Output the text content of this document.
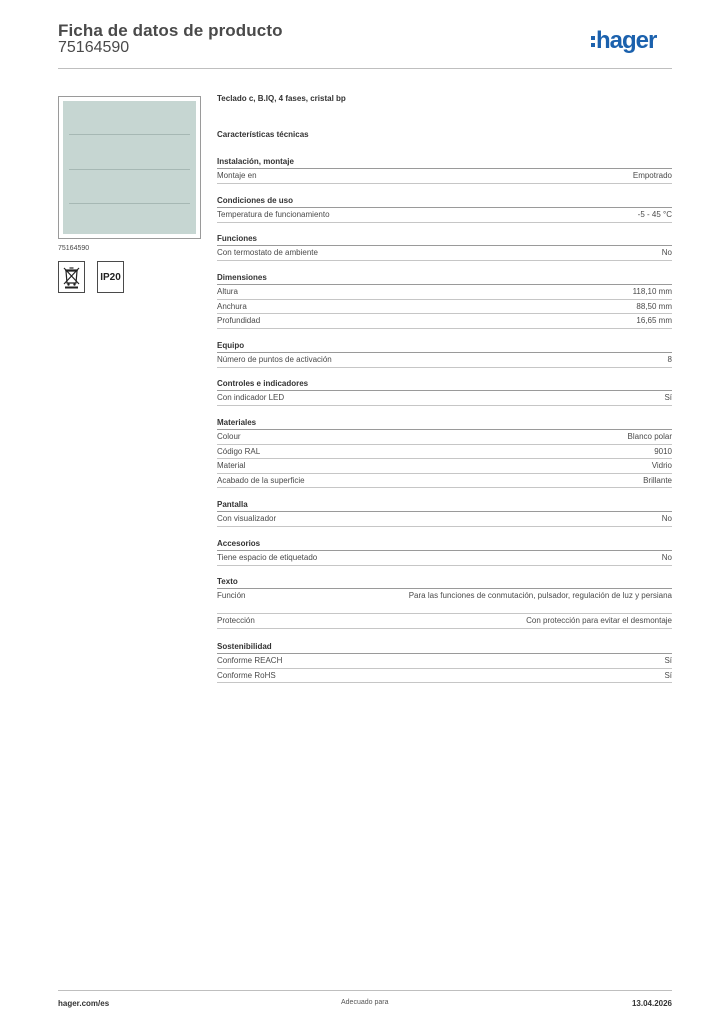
Ficha de datos de producto
75164590	hager
75164590
IP20
Teclado c, B.IQ, 4 fases, cristal bp
Características técnicas
Instalación, montaje
Montaje en	Empotrado
Condiciones de uso
Temperatura de funcionamiento	-5 - 45 °C
Funciones
Con termostato de ambiente	No
Dimensiones
Altura	118,10 mm
Anchura	88,50 mm
Profundidad	16,65 mm
Equipo
Número de puntos de activación	8
Controles e indicadores
Con indicador LED	Sí
Materiales
Colour	Blanco polar
Código RAL	9010
Material	Vidrio
Acabado de la superficie	Brillante
Pantalla
Con visualizador	No
Accesorios
Tiene espacio de etiquetado	No
Texto
Función	Para las funciones de conmutación, pulsador, regulación de luz y persiana
Protección	Con protección para evitar el desmontaje
Sostenibilidad
Conforme REACH	Sí
Conforme RoHS	Sí
hager.com/es	Adecuado para	13.04.2026
